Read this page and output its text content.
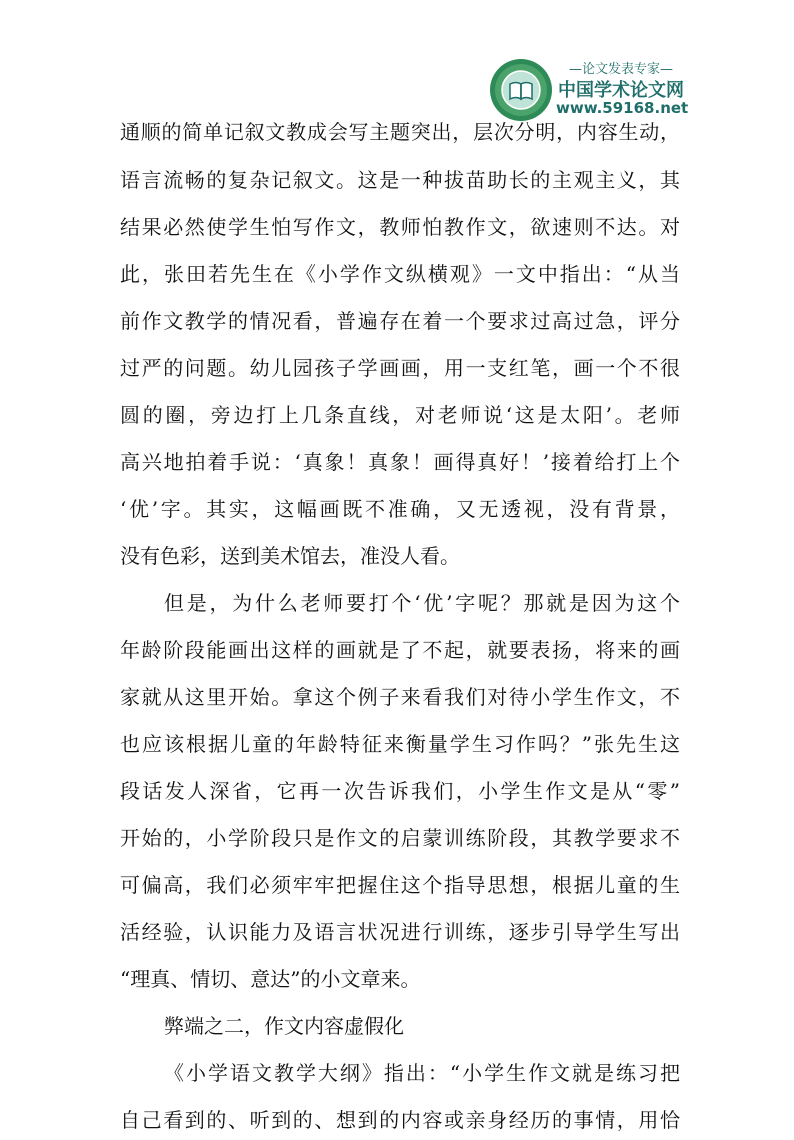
—论文发表专家—
中国学术论文网
www.59168.net
通顺的简单记叙文教成会写主题突出，层次分明，内容生动，
语言流畅的复杂记叙文。这是一种拔苗助长的主观主义，其
结果必然使学生怕写作文，教师怕教作文，欲速则不达。对
此，张田若先生在《小学作文纵横观》一文中指出：“从当
前作文教学的情况看，普遍存在着一个要求过高过急，评分
过严的问题。幼儿园孩子学画画，用一支红笔，画一个不很
圆的圈，旁边打上几条直线，对老师说‘这是太阳’。老师
高兴地拍着手说：‘真象！真象！画得真好！’接着给打上个
‘优’字。其实，这幅画既不准确，又无透视，没有背景，
没有色彩，送到美术馆去，准没人看。
但是，为什么老师要打个‘优’字呢？那就是因为这个
年龄阶段能画出这样的画就是了不起，就要表扬，将来的画
家就从这里开始。拿这个例子来看我们对待小学生作文，不
也应该根据儿童的年龄特征来衡量学生习作吗？”张先生这
段话发人深省，它再一次告诉我们，小学生作文是从“零”
开始的，小学阶段只是作文的启蒙训练阶段，其教学要求不
可偏高，我们必须牢牢把握住这个指导思想，根据儿童的生
活经验，认识能力及语言状况进行训练，逐步引导学生写出
“理真、情切、意达”的小文章来。
弊端之二，作文内容虚假化
《小学语文教学大纲》指出：“小学生作文就是练习把
自己看到的、听到的、想到的内容或亲身经历的事情，用恰
